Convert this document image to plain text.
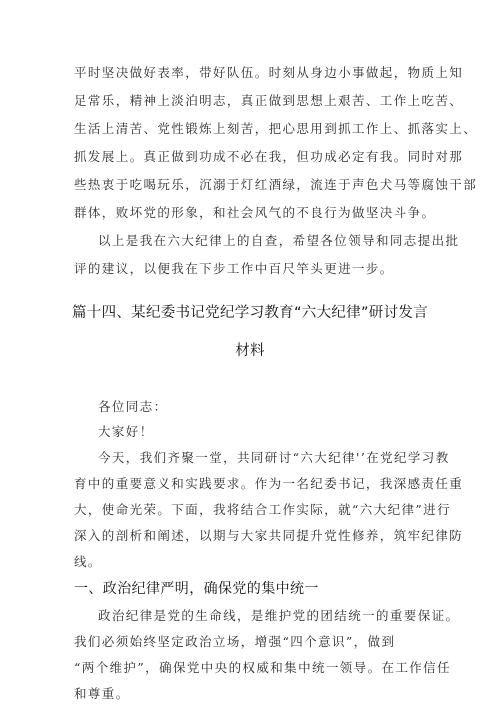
平时坚决做好表率，带好队伍。时刻从身边小事做起，物质上知
足常乐，精神上淡泊明志，真正做到思想上艰苦、工作上吃苦、
生活上清苦、党性锻炼上刻苦，把心思用到抓工作上、抓落实上、
抓发展上。真正做到功成不必在我，但功成必定有我。同时对那
些热衷于吃喝玩乐，沉溺于灯红酒绿，流连于声色犬马等腐蚀干部
群体，败坏党的形象，和社会风气的不良行为做坚决斗争。
以上是我在六大纪律上的自查，希望各位领导和同志提出批
评的建议，以便我在下步工作中百尺竿头更进一步。
篇十四、某纪委书记党纪学习教育“六大纪律”研讨发言
材料
各位同志：
大家好！
今天，我们齐聚一堂，共同研讨“六大纪律'’在党纪学习教
育中的重要意义和实践要求。作为一名纪委书记，我深感责任重
大，使命光荣。下面，我将结合工作实际，就“六大纪律”进行
深入的剖析和阐述，以期与大家共同提升党性修养，筑牢纪律防
线。
一、政治纪律严明，确保党的集中统一
政治纪律是党的生命线，是维护党的团结统一的重要保证。
我们必须始终坚定政治立场，增强“四个意识”，做到
“两个维护”，确保党中央的权威和集中统一领导。在工作信任
和尊重。
